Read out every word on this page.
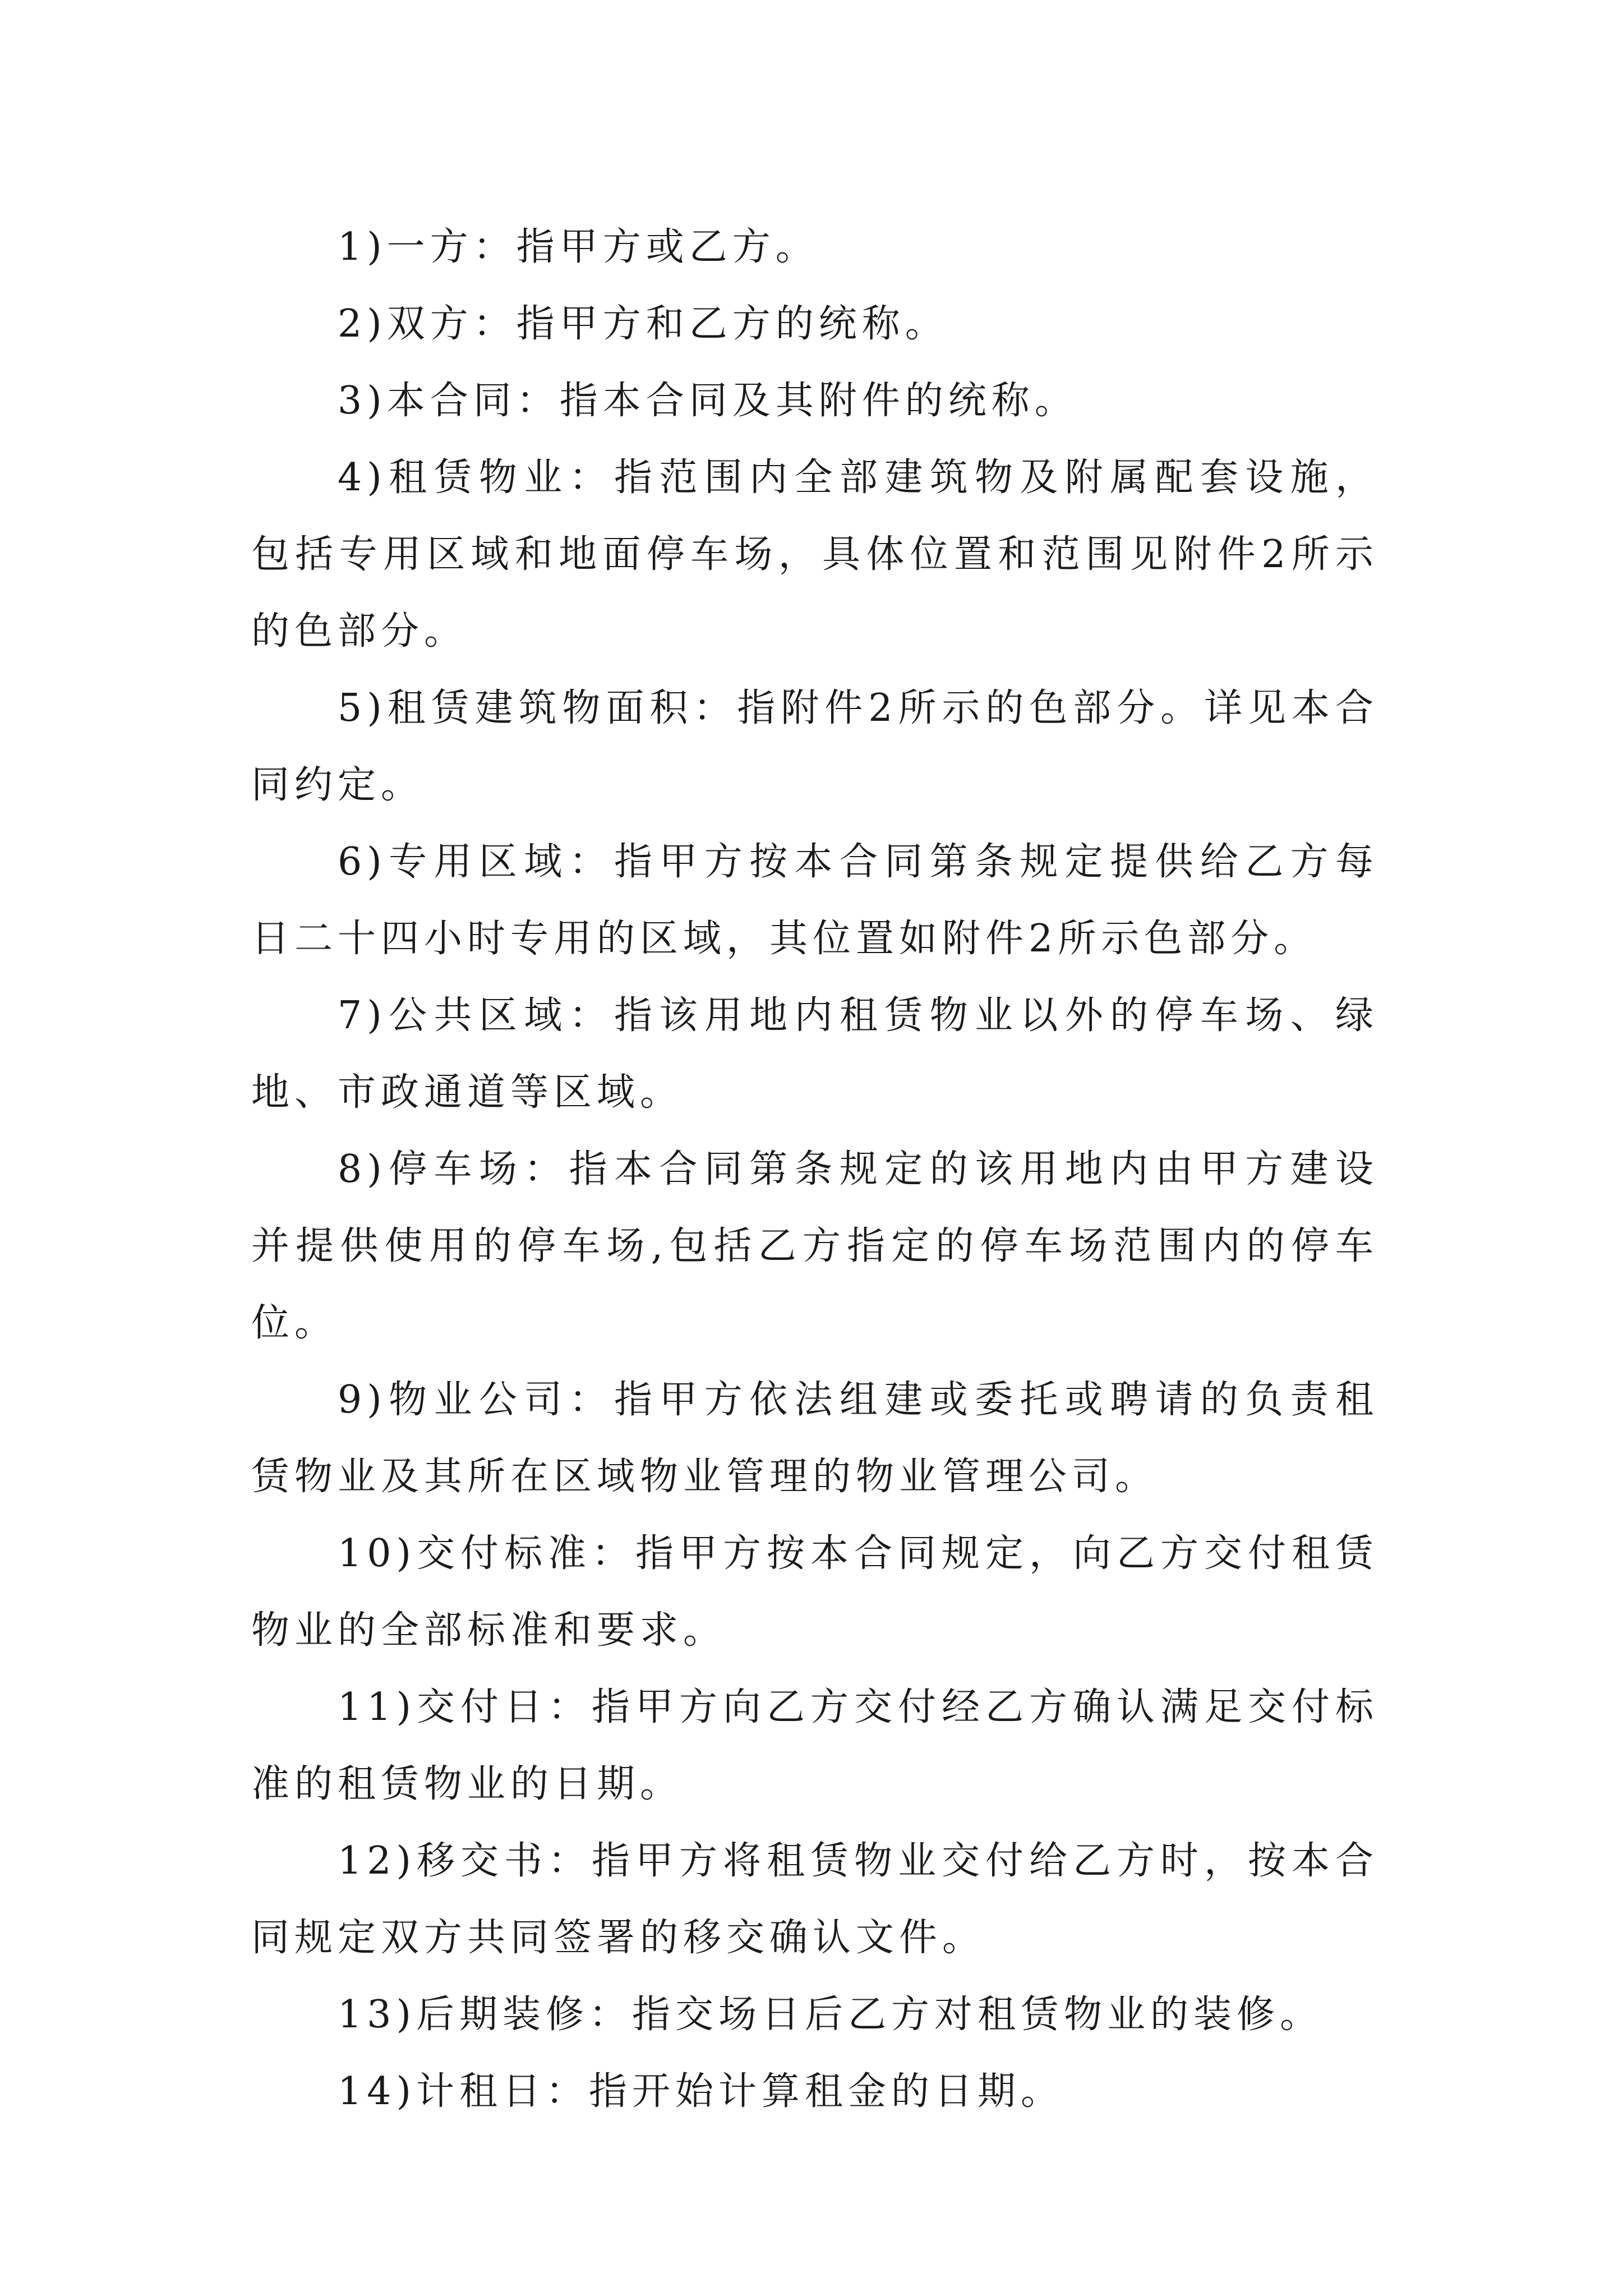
1)一方：指甲方或乙方。

2)双方：指甲方和乙方的统称。

3)本合同：指本合同及其附件的统称。

4)租赁物业：指范围内全部建筑物及附属配套设施，包括专用区域和地面停车场，具体位置和范围见附件2所示的色部分。

5)租赁建筑物面积：指附件2所示的色部分。详见本合同约定。

6)专用区域：指甲方按本合同第条规定提供给乙方每日二十四小时专用的区域，其位置如附件2所示色部分。

7)公共区域：指该用地内租赁物业以外的停车场、绿地、市政通道等区域。

8)停车场：指本合同第条规定的该用地内由甲方建设并提供使用的停车场,包括乙方指定的停车场范围内的停车位。

9)物业公司：指甲方依法组建或委托或聘请的负责租赁物业及其所在区域物业管理的物业管理公司。

10)交付标准：指甲方按本合同规定，向乙方交付租赁物业的全部标准和要求。

11)交付日：指甲方向乙方交付经乙方确认满足交付标准的租赁物业的日期。

12)移交书：指甲方将租赁物业交付给乙方时，按本合同规定双方共同签署的移交确认文件。

13)后期装修：指交场日后乙方对租赁物业的装修。

14)计租日：指开始计算租金的日期。
